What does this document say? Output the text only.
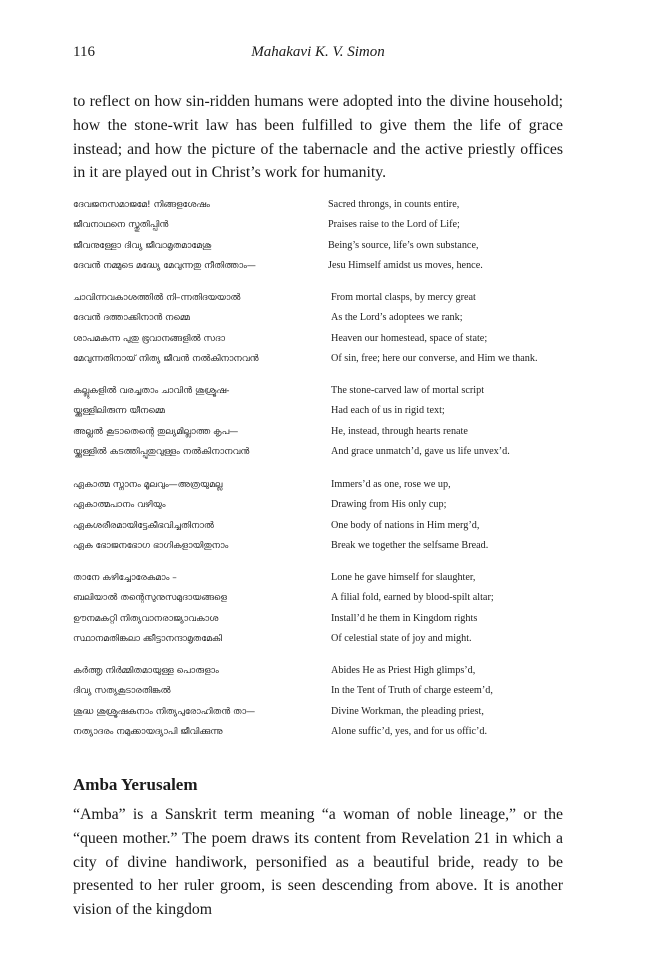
116	Mahakavi K. V. Simon

to reflect on how sin-ridden humans were adopted into the divine household; how the stone-writ law has been fulfilled to give them the life of grace instead; and how the picture of the tabernacle and the active priestly offices in it are played out in Christ’s work for humanity.

ദേവജനസമാജമേ! നിങ്ങളശേഷം	Sacred throngs, in counts entire,
ജീവനാഥനെ സ്തുതിപ്പിൻ	Praises raise to the Lord of Life;
ജീവനുള്ളോ ദിവ്യ ജീവാമൃതമാമേശു	Being’s source, life’s own substance,
ദേവൻ നമ്മുടെ മദ്ധ്യേ മേവുന്നതു നീതിത്താം—	Jesu Himself amidst us moves, hence.
ചാവിന്നവകാശത്തിൽ നി–ന്നതിദയയാൽ	From mortal clasps, by mercy great
ദേവൻ ദത്താക്കിനാൻ നമ്മെ	As the Lord’s adoptees we rank;
ശാപമകന്ന പുതു ഭൂവാനങ്ങളിൽ സദാ	Heaven our homestead, space of state;
മേവുന്നതിനായ് നിത്യ ജീവൻ നൽകിനാനവൻ	Of sin, free; here our converse, and Him we thank.
കല്ലുകളിൽ വരച്ചതാം ചാവിൻ ശുശ്രൂഷ-	The stone-carved law of mortal script
യ്ക്കുള്ളിലിരുന്ന യീനമ്മെ	Had each of us in rigid text;
അല്ലൽ കൂടാതെന്റെ തുല്യമില്ലാത്ത കൃപ—	He, instead, through hearts renate
യ്ക്കുള്ളിൽ കടത്തിപ്പുതുവുള്ളം നൽകിനാനവൻ	And grace unmatch’d, gave us life unvex’d.
ഏകാത്മ സ്നാനം മൂലവും—അത്രയുമല്ല	Immers’d as one, rose we up,
ഏകാത്മപാനം വഴിയും	Drawing from His only cup;
ഏകശരീരമായിട്ടേകീഭവിച്ചതിനാൽ	One body of nations in Him merg’d,
ഏക ഭോജനഭോഗ ഭാഗികളായിതുനാം	Break we together the selfsame Bread.
താനേ കഴിച്ചോരേകമാം –	Lone he gave himself for slaughter,
ബലിയാൽ തന്റെസുനുസമുദായങ്ങളെ	A filial fold, earned by blood-spilt altar;
ഊനമകറ്റി നിത്യവാനരാജ്യാവകാശ	Install’d he them in Kingdom rights
സ്ഥാനമതിങ്കലാ ക്കീട്ടാനന്ദാമൃതമേകി	Of celestial state of joy and might.
കർത്തൃ നിർമ്മിതമായുള്ള പൊരുളാം	Abides He as Priest High glimps’d,
ദിവ്യ സത്യകൂടാരതിങ്കൽ	In the Tent of Truth of charge esteem’d,
ശുദ്ധ ശുശ്രൂഷകനാം നിത്യപുരോഹിതൻ താ—	Divine Workman, the pleading priest,
നത്യാദരം നമുക്കായദ്യാപി ജീവിക്കുന്നു	Alone suffic’d, yes, and for us offic’d.
Amba Yerusalem

“Amba” is a Sanskrit term meaning “a woman of noble lineage,” or the “queen mother.” The poem draws its content from Revelation 21 in which a city of divine handiwork, personified as a beautiful bride, ready to be presented to her ruler groom, is seen descending from above. It is another vision of the kingdom
